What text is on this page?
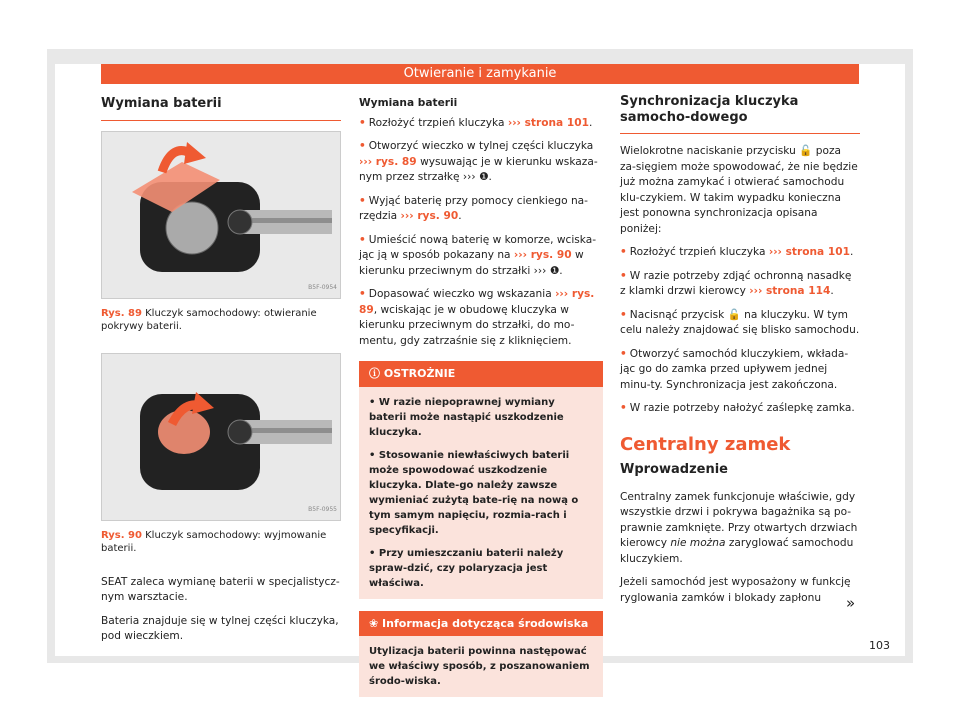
Otwieranie i zamykanie
Wymiana baterii
B5F-0954
Rys. 89 Kluczyk samochodowy: otwieranie pokrywy baterii.
B5F-0955
Rys. 90 Kluczyk samochodowy: wyjmowanie baterii.

SEAT zaleca wymianę baterii w specjalistycz-nym warsztacie.

Bateria znajduje się w tylnej części kluczyka, pod wieczkiem.

Wymiana baterii

• Rozłożyć trzpień kluczyka ››› strona 101.

• Otworzyć wieczko w tylnej części kluczyka ››› rys. 89 wysuwając je w kierunku wskaza-nym przez strzałkę ››› ❶.

• Wyjąć baterię przy pomocy cienkiego na-rzędzia ››› rys. 90.

• Umieścić nową baterię w komorze, wciska-jąc ją w sposób pokazany na ››› rys. 90 w kierunku przeciwnym do strzałki ››› ❶.

• Dopasować wieczko wg wskazania ››› rys. 89, wciskając je w obudowę kluczyka w kierunku przeciwnym do strzałki, do mo-mentu, gdy zatrzaśnie się z kliknięciem.

ⓘ OSTROŻNIE

• W razie niepoprawnej wymiany baterii może nastąpić uszkodzenie kluczyka.

• Stosowanie niewłaściwych baterii może spowodować uszkodzenie kluczyka. Dlate-go należy zawsze wymieniać zużytą bate-rię na nową o tym samym napięciu, rozmia-rach i specyfikacji.

• Przy umieszczaniu baterii należy spraw-dzić, czy polaryzacja jest właściwa.

❀ Informacja dotycząca środowiska
Utylizacja baterii powinna następować we właściwy sposób, z poszanowaniem środo-wiska.
Synchronizacja kluczyka samocho-dowego

Wielokrotne naciskanie przycisku 🔓 poza za-sięgiem może spowodować, że nie będzie już można zamykać i otwierać samochodu klu-czykiem. W takim wypadku konieczna jest ponowna synchronizacja opisana poniżej:

• Rozłożyć trzpień kluczyka ››› strona 101.

• W razie potrzeby zdjąć ochronną nasadkę z klamki drzwi kierowcy ››› strona 114.

• Nacisnąć przycisk 🔓 na kluczyku. W tym celu należy znajdować się blisko samochodu.

• Otworzyć samochód kluczykiem, wkłada-jąc go do zamka przed upływem jednej minu-ty. Synchronizacja jest zakończona.

• W razie potrzeby nałożyć zaślepkę zamka.

Centralny zamek
Wprowadzenie

Centralny zamek funkcjonuje właściwie, gdy wszystkie drzwi i pokrywa bagażnika są po-prawnie zamknięte. Przy otwartych drzwiach kierowcy nie można zaryglować samochodu kluczykiem.

Jeżeli samochód jest wyposażony w funkcję ryglowania zamków i blokady zapłonu	»
103
